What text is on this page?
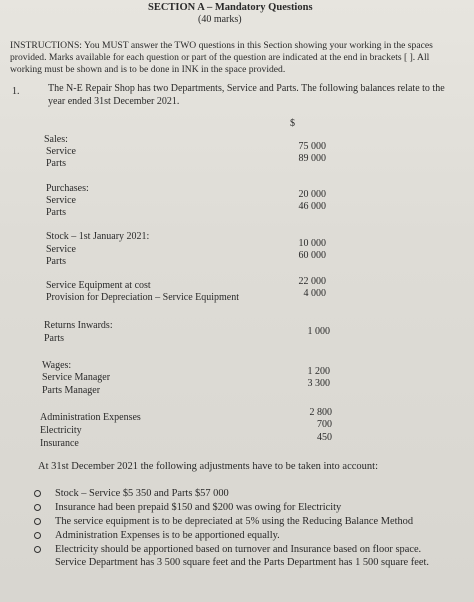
SECTION A – Mandatory Questions
(40 marks)
INSTRUCTIONS: You MUST answer the TWO questions in this Section showing your working in the spaces provided. Marks available for each question or part of the question are indicated at the end in brackets [ ]. All working must be shown and is to be done in INK in the space provided.
1.	The N-E Repair Shop has two Departments, Service and Parts. The following balances relate to the year ended 31st December 2021.
$
Sales:
Service
Parts
75 000
89 000
Purchases:
Service
Parts
20 000
46 000
Stock – 1st January 2021:
Service
Parts
10 000
60 000
Service Equipment at cost
Provision for Depreciation – Service Equipment
22 000
4 000
Returns Inwards:
Parts
1 000
Wages:
Service Manager
Parts Manager
1 200
3 300
Administration Expenses
Electricity
Insurance
2 800
700
450
At 31st December 2021 the following adjustments have to be taken into account:
Stock – Service $5 350 and Parts $57 000
Insurance had been prepaid $150 and $200 was owing for Electricity
The service equipment is to be depreciated at 5% using the Reducing Balance Method
Administration Expenses is to be apportioned equally.
Electricity should be apportioned based on turnover and Insurance based on floor space.
Service Department has 3 500 square feet and the Parts Department has 1 500 square feet.
